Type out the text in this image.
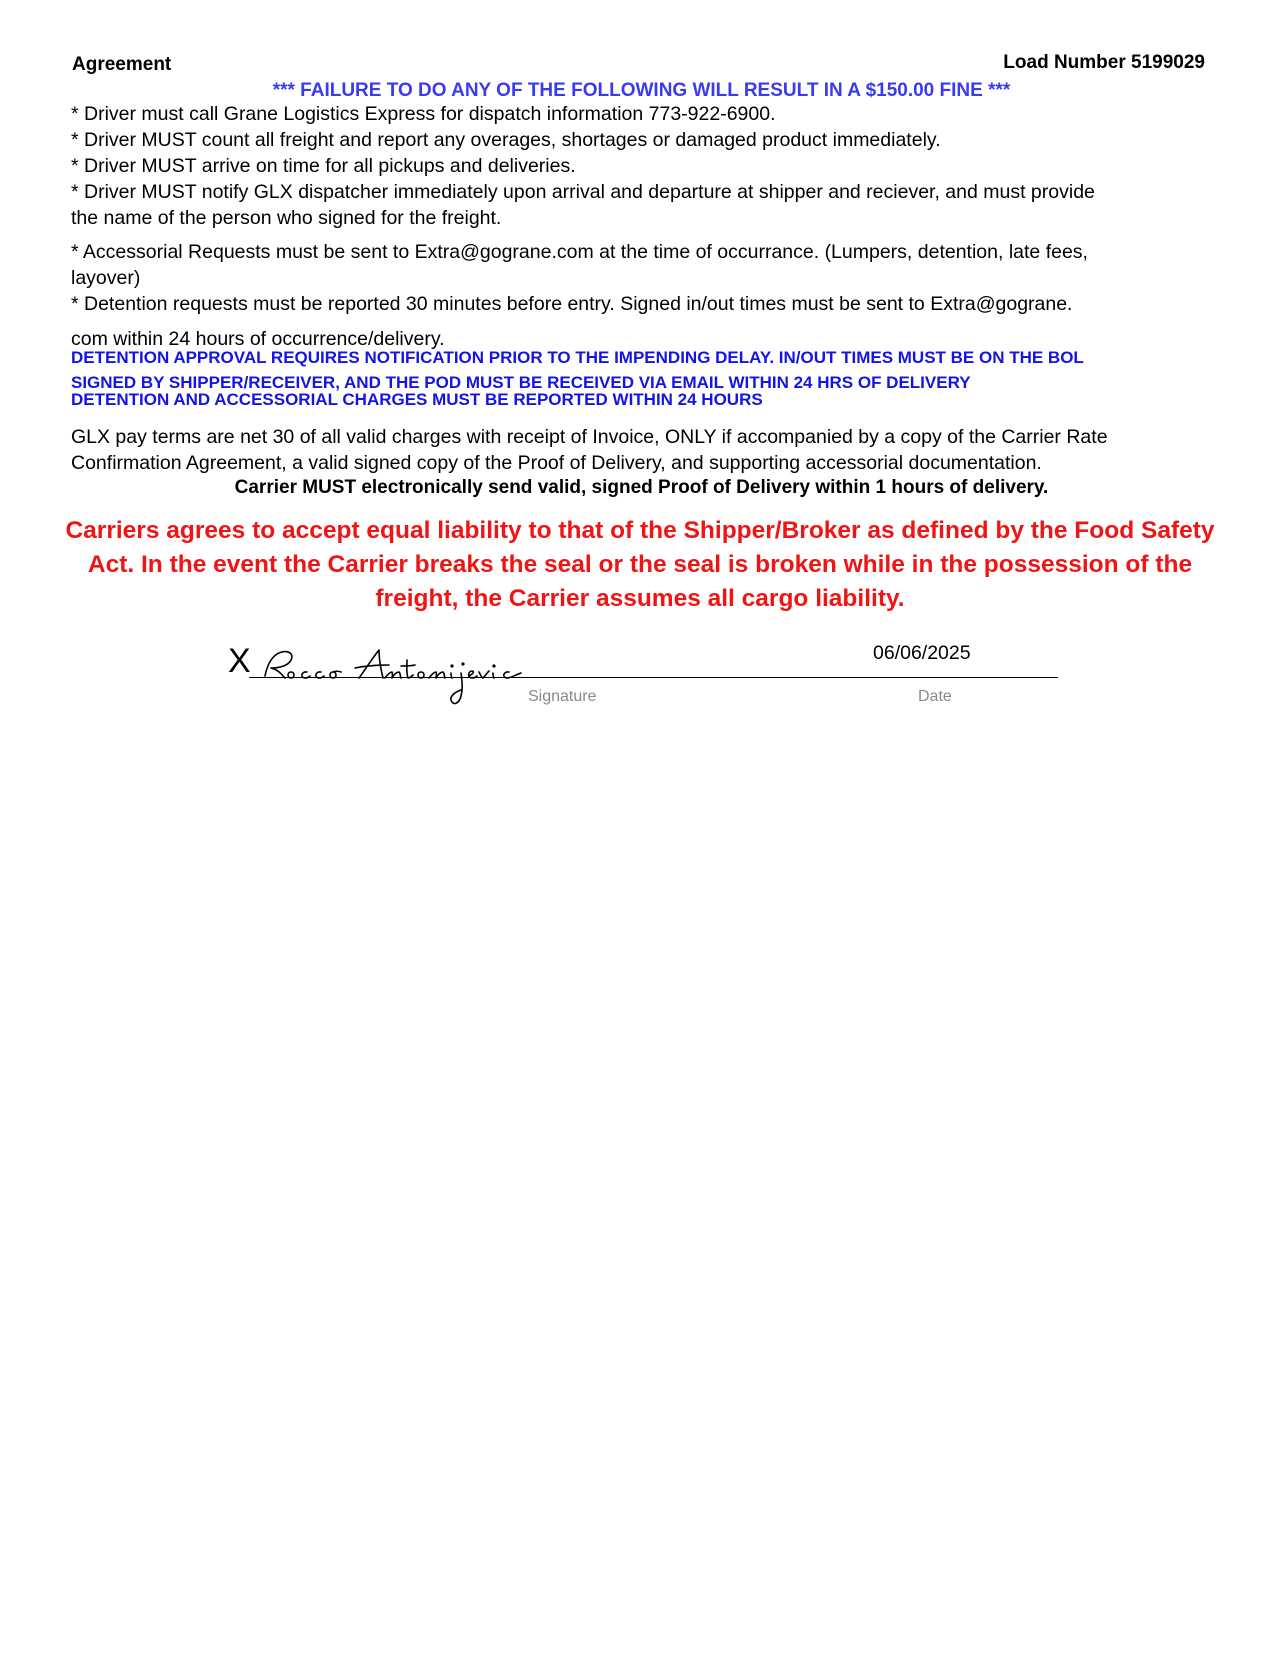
Agreement	Load Number 5199029
*** FAILURE TO DO ANY OF THE FOLLOWING WILL RESULT IN A $150.00 FINE ***
* Driver must call Grane Logistics Express for dispatch information 773-922-6900.
* Driver MUST count all freight and report any overages, shortages or damaged product immediately.
* Driver MUST arrive on time for all pickups and deliveries.
* Driver MUST notify GLX dispatcher immediately upon arrival and departure at shipper and reciever, and must provide
the name of the person who signed for the freight.
* Accessorial Requests must be sent to Extra@gograne.com at the time of occurrance. (Lumpers, detention, late fees,
layover)
* Detention requests must be reported 30 minutes before entry. Signed in/out times must be sent to Extra@gograne.
com within 24 hours of occurrence/delivery.
DETENTION APPROVAL REQUIRES NOTIFICATION PRIOR TO THE IMPENDING DELAY. IN/OUT TIMES MUST BE ON THE BOL
SIGNED BY SHIPPER/RECEIVER, AND THE POD MUST BE RECEIVED VIA EMAIL WITHIN 24 HRS OF DELIVERY
DETENTION AND ACCESSORIAL CHARGES MUST BE REPORTED WITHIN 24 HOURS
GLX pay terms are net 30 of all valid charges with receipt of Invoice, ONLY if accompanied by a copy of the Carrier Rate
Confirmation Agreement, a valid signed copy of the Proof of Delivery, and supporting accessorial documentation.
Carrier MUST electronically send valid, signed Proof of Delivery within 1 hours of delivery.
Carriers agrees to accept equal liability to that of the Shipper/Broker as defined by the Food Safety Act. In the event the Carrier breaks the seal or the seal is broken while in the possession of the freight, the Carrier assumes all cargo liability.
X	06/06/2025
Signature	Date
